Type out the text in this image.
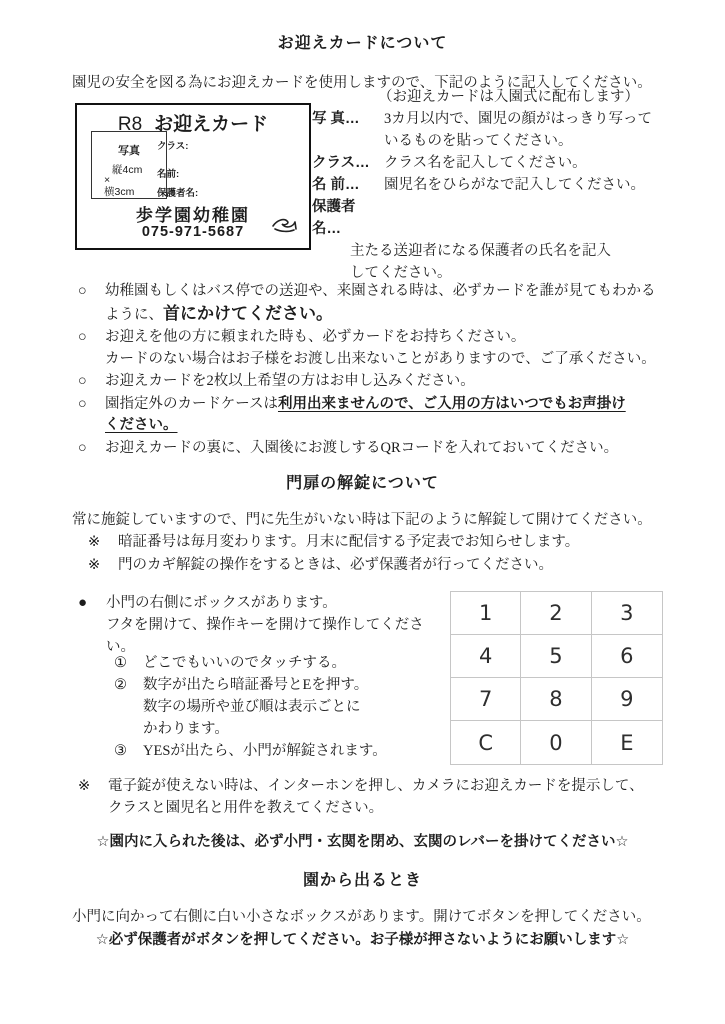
お迎えカードについて
園児の安全を図る為にお迎えカードを使用しますので、下記のように記入してください。
R8 お迎えカード
写真
縦4cm
×
横3cm
クラス:
名前:
保護者名:
歩学園幼稚園
075-971-5687
（お迎えカードは入園式に配布します）
写 真…	3カ月以内で、園児の顔がはっきり写って
いるものを貼ってください。
クラス… クラス名を記入してください。
名 前…	園児名をひらがなで記入してください。
保護者名…
主たる送迎者になる保護者の氏名を記入
してください。
○	幼稚園もしくはバス停での送迎や、来園される時は、必ずカードを誰が見てもわかる
ように、首にかけてください。
○	お迎えを他の方に頼まれた時も、必ずカードをお持ちください。
カードのない場合はお子様をお渡し出来ないことがありますので、ご了承ください。
○	お迎えカードを2枚以上希望の方はお申し込みください。
○	園指定外のカードケースは利用出来ませんので、ご入用の方はいつでもお声掛け
ください。
○	お迎えカードの裏に、入園後にお渡しするQRコードを入れておいてください。
門扉の解錠について
常に施錠していますので、門に先生がいない時は下記のように解錠して開けてください。
※	暗証番号は毎月変わります。月末に配信する予定表でお知らせします。
※	門のカギ解錠の操作をするときは、必ず保護者が行ってください。
●	小門の右側にボックスがあります。
フタを開けて、操作キーを開けて操作してください。
①	どこでもいいのでタッチする。
②	数字が出たら暗証番号とEを押す。
数字の場所や並び順は表示ごとに
かわります。
③	YESが出たら、小門が解錠されます。
1	2	3
4	5	6
7	8	9
C	0	E
※	電子錠が使えない時は、インターホンを押し、カメラにお迎えカードを提示して、
クラスと園児名と用件を教えてください。
☆園内に入られた後は、必ず小門・玄関を閉め、玄関のレバーを掛けてください☆
園から出るとき
小門に向かって右側に白い小さなボックスがあります。開けてボタンを押してください。
☆必ず保護者がボタンを押してください。お子様が押さないようにお願いします☆
